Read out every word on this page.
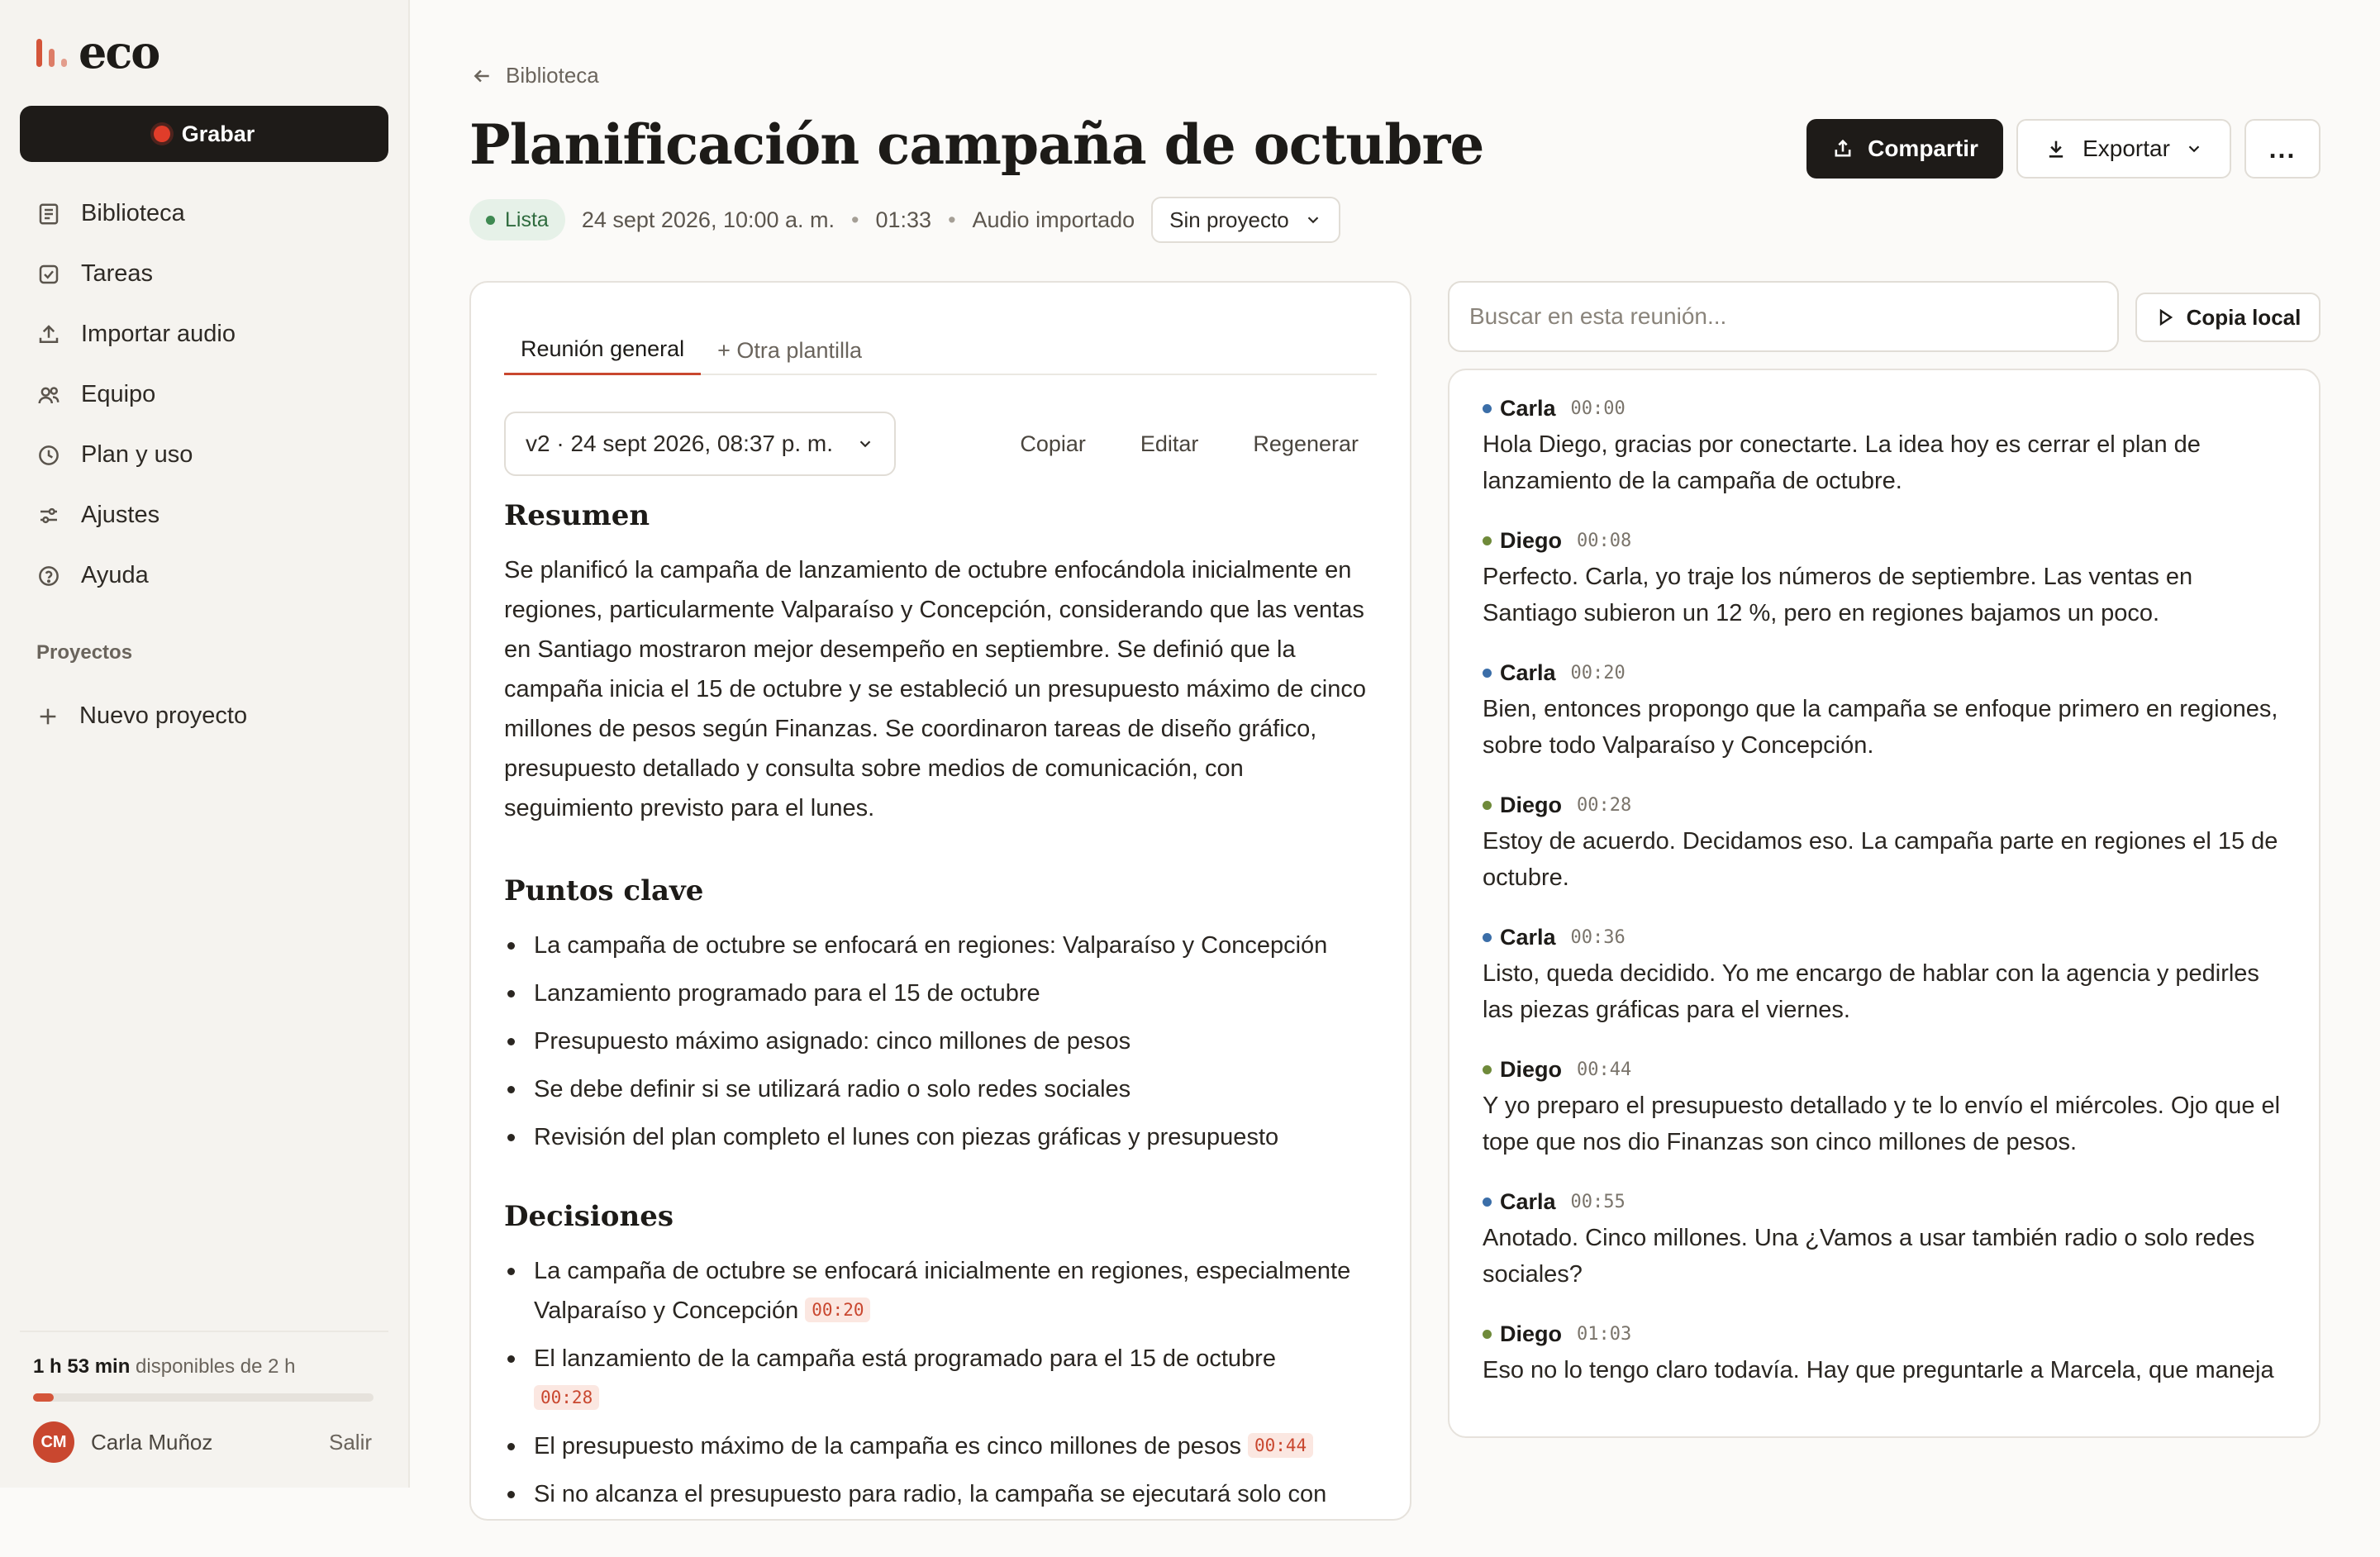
eco
Grabar
Biblioteca
Tareas
Importar audio
Equipo
Plan y uso
Ajustes
Ayuda
Proyectos
Nuevo proyecto
1 h 53 min disponibles de 2 h
CM	Carla Muñoz	Salir
Biblioteca
Planificación campaña de octubre
Lista 24 sept 2026, 10:00 a. m. • 01:33 • Audio importado Sin proyecto
Compartir	Exportar	...
Reunión general	+ Otra plantilla
v2 · 24 sept 2026, 08:37 p. m.	Copiar	Editar	Regenerar
Resumen

Se planificó la campaña de lanzamiento de octubre enfocándola inicialmente en regiones, particularmente Valparaíso y Concepción, considerando que las ventas en Santiago mostraron mejor desempeño en septiembre. Se definió que la campaña inicia el 15 de octubre y se estableció un presupuesto máximo de cinco millones de pesos según Finanzas. Se coordinaron tareas de diseño gráfico, presupuesto detallado y consulta sobre medios de comunicación, con seguimiento previsto para el lunes.

Puntos clave
La campaña de octubre se enfocará en regiones: Valparaíso y Concepción
Lanzamiento programado para el 15 de octubre
Presupuesto máximo asignado: cinco millones de pesos
Se debe definir si se utilizará radio o solo redes sociales
Revisión del plan completo el lunes con piezas gráficas y presupuesto
Decisiones
La campaña de octubre se enfocará inicialmente en regiones, especialmente Valparaíso y Concepción 00:20
El lanzamiento de la campaña está programado para el 15 de octubre
00:28
El presupuesto máximo de la campaña es cinco millones de pesos 00:44
Si no alcanza el presupuesto para radio, la campaña se ejecutará solo con
Buscar en esta reunión...	Copia local
Carla 00:00
Hola Diego, gracias por conectarte. La idea hoy es cerrar el plan de lanzamiento de la campaña de octubre.
Diego 00:08
Perfecto. Carla, yo traje los números de septiembre. Las ventas en Santiago subieron un 12 %, pero en regiones bajamos un poco.
Carla 00:20
Bien, entonces propongo que la campaña se enfoque primero en regiones, sobre todo Valparaíso y Concepción.
Diego 00:28
Estoy de acuerdo. Decidamos eso. La campaña parte en regiones el 15 de octubre.
Carla 00:36
Listo, queda decidido. Yo me encargo de hablar con la agencia y pedirles las piezas gráficas para el viernes.
Diego 00:44
Y yo preparo el presupuesto detallado y te lo envío el miércoles. Ojo que el tope que nos dio Finanzas son cinco millones de pesos.
Carla 00:55
Anotado. Cinco millones. Una ¿Vamos a usar también radio o solo redes sociales?
Diego 01:03
Eso no lo tengo claro todavía. Hay que preguntarle a Marcela, que maneja
